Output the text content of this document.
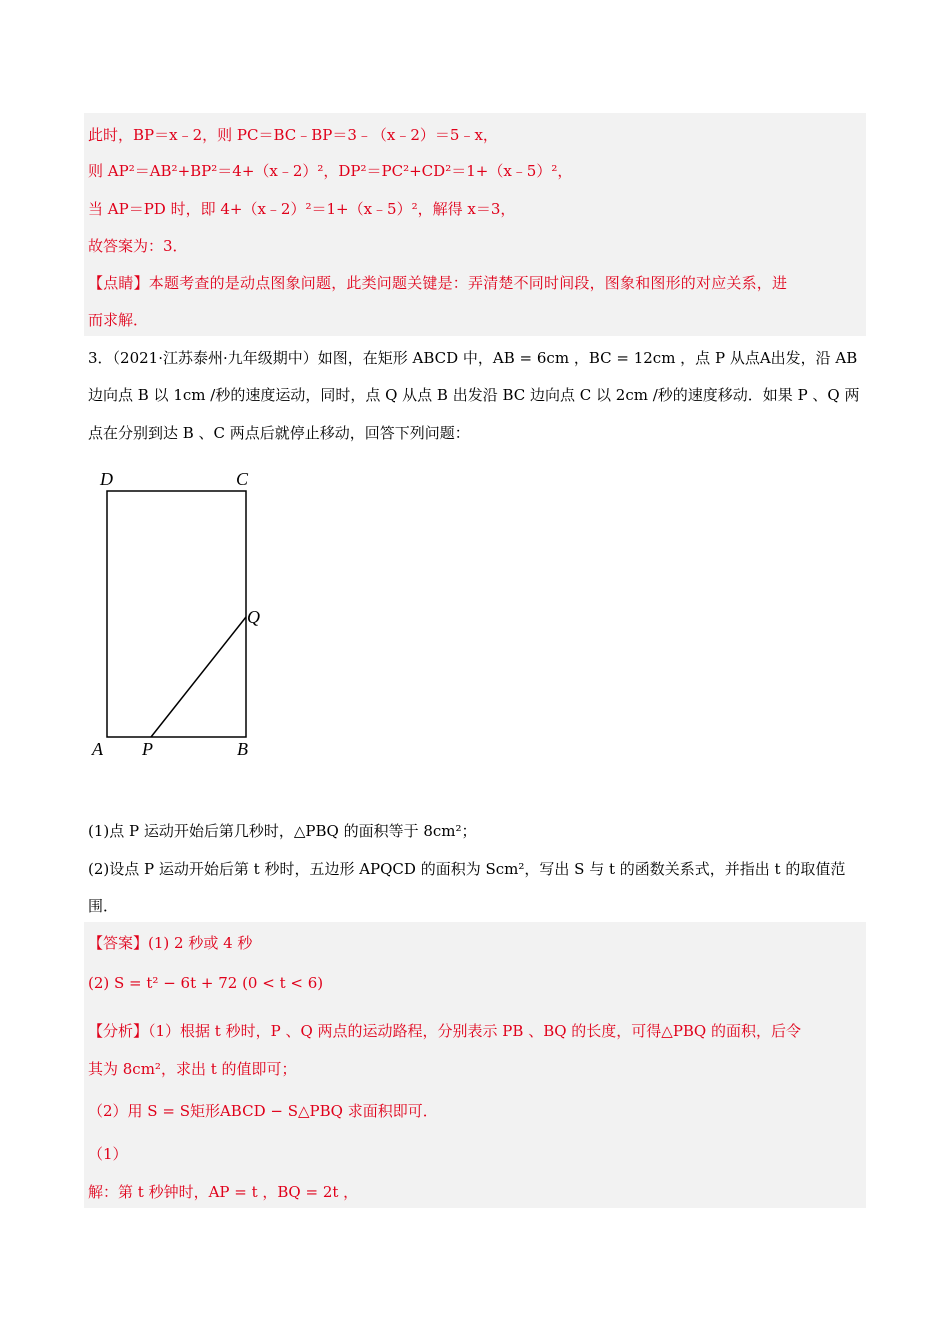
此时，BP＝x﹣2，则 PC＝BC﹣BP＝3﹣（x﹣2）＝5﹣x，
则 AP²＝AB²+BP²＝4+（x﹣2）²，DP²＝PC²+CD²＝1+（x﹣5）²，
当 AP＝PD 时，即 4+（x﹣2）²＝1+（x﹣5）²，解得 x＝3，
故答案为：3．
【点睛】本题考查的是动点图象问题，此类问题关键是：弄清楚不同时间段，图象和图形的对应关系，进
而求解．
3．（2021·江苏泰州·九年级期中）如图，在矩形 ABCD 中，AB = 6cm ，BC = 12cm ，点 P 从点A出发，沿 AB
边向点 B 以 1cm /秒的速度运动，同时，点 Q 从点 B 出发沿 BC 边向点 C 以 2cm /秒的速度移动．如果 P 、Q 两
点在分别到达 B 、C 两点后就停止移动，回答下列问题：
D	C
Q
A P	B
(1)点 P 运动开始后第几秒时，△PBQ 的面积等于 8cm²；
(2)设点 P 运动开始后第 t 秒时，五边形 APQCD 的面积为 Scm²，写出 S 与 t 的函数关系式，并指出 t 的取值范
围．
【答案】(1) 2 秒或 4 秒
(2) S = t² − 6t + 72 (0 < t < 6)
【分析】（1）根据 t 秒时，P 、Q 两点的运动路程，分别表示 PB 、BQ 的长度，可得△PBQ 的面积，后令
其为 8cm²，求出 t 的值即可；
（2）用 S = S矩形ABCD − S△PBQ 求面积即可．
（1）
解：第 t 秒钟时，AP = t ，BQ = 2t ，
